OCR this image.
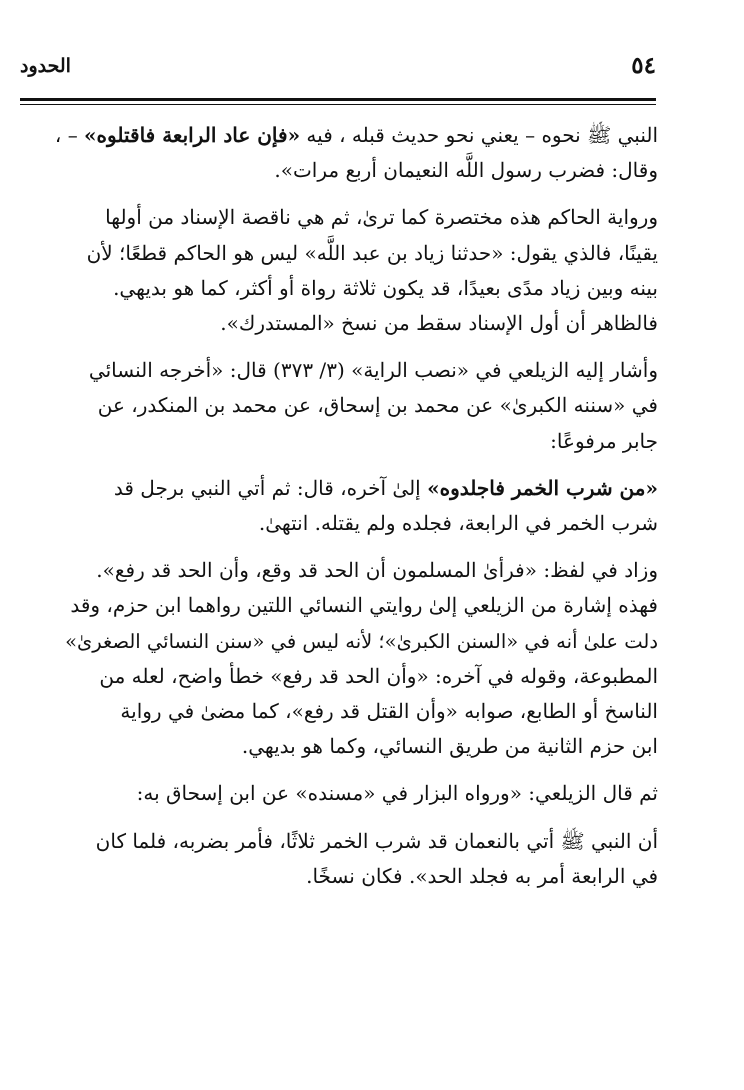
٥٤
الحدود

النبي ﷺ نحوه – يعني نحو حديث قبله ، فيه «فإن عاد الرابعة فاقتلوه» – ،
وقال: فضرب رسول اللَّه النعيمان أربع مرات».

ورواية الحاكم هذه مختصرة كما ترىٰ، ثم هي ناقصة الإسناد من أولها
يقينًا، فالذي يقول: «حدثنا زياد بن عبد اللَّه» ليس هو الحاكم قطعًا؛ لأن
بينه وبين زياد مدًى بعيدًا، قد يكون ثلاثة رواة أو أكثر، كما هو بديهي.
فالظاهر أن أول الإسناد سقط من نسخ «المستدرك».

وأشار إليه الزيلعي في «نصب الراية» (٣/ ٣٧٣) قال: «أخرجه النسائي
في «سننه الكبرىٰ» عن محمد بن إسحاق، عن محمد بن المنكدر، عن
جابر مرفوعًا:

«من شرب الخمر فاجلدوه» إلىٰ آخره، قال: ثم أتي النبي برجل قد
شرب الخمر في الرابعة، فجلده ولم يقتله. انتهىٰ.

وزاد في لفظ: «فرأىٰ المسلمون أن الحد قد وقع، وأن الحد قد رفع».
فهذه إشارة من الزيلعي إلىٰ روايتي النسائي اللتين رواهما ابن حزم، وقد
دلت علىٰ أنه في «السنن الكبرىٰ»؛ لأنه ليس في «سنن النسائي الصغرىٰ»
المطبوعة، وقوله في آخره: «وأن الحد قد رفع» خطأ واضح، لعله من
الناسخ أو الطابع، صوابه «وأن القتل قد رفع»، كما مضىٰ في رواية
ابن حزم الثانية من طريق النسائي، وكما هو بديهي.

ثم قال الزيلعي: «ورواه البزار في «مسنده» عن ابن إسحاق به:

أن النبي ﷺ أتي بالنعمان قد شرب الخمر ثلاثًا، فأمر بضربه، فلما كان
في الرابعة أمر به فجلد الحد». فكان نسخًا.
